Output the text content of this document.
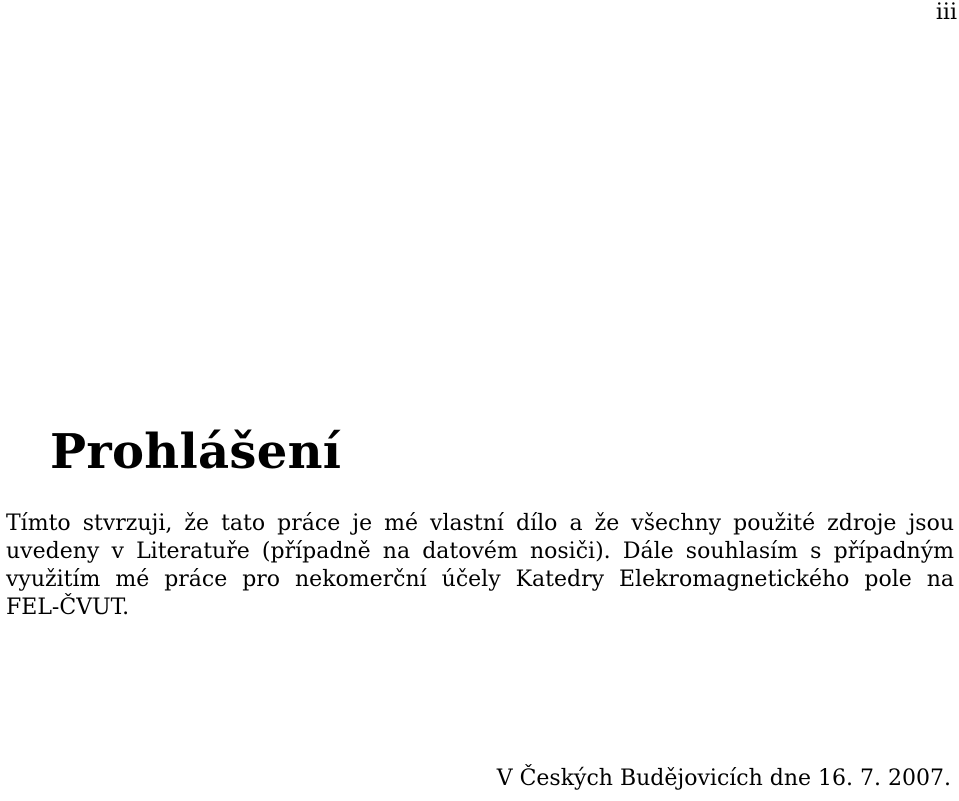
iii
Prohlášení

Tímto stvrzuji, že tato práce je mé vlastní dílo a že všechny použité zdroje jsou
uvedeny v Literatuře (případně na datovém nosiči). Dále souhlasím s případným
využitím mé práce pro nekomerční účely Katedry Elekromagnetického pole na
FEL-ČVUT.

V Českých Budějovicích dne 16. 7. 2007.
